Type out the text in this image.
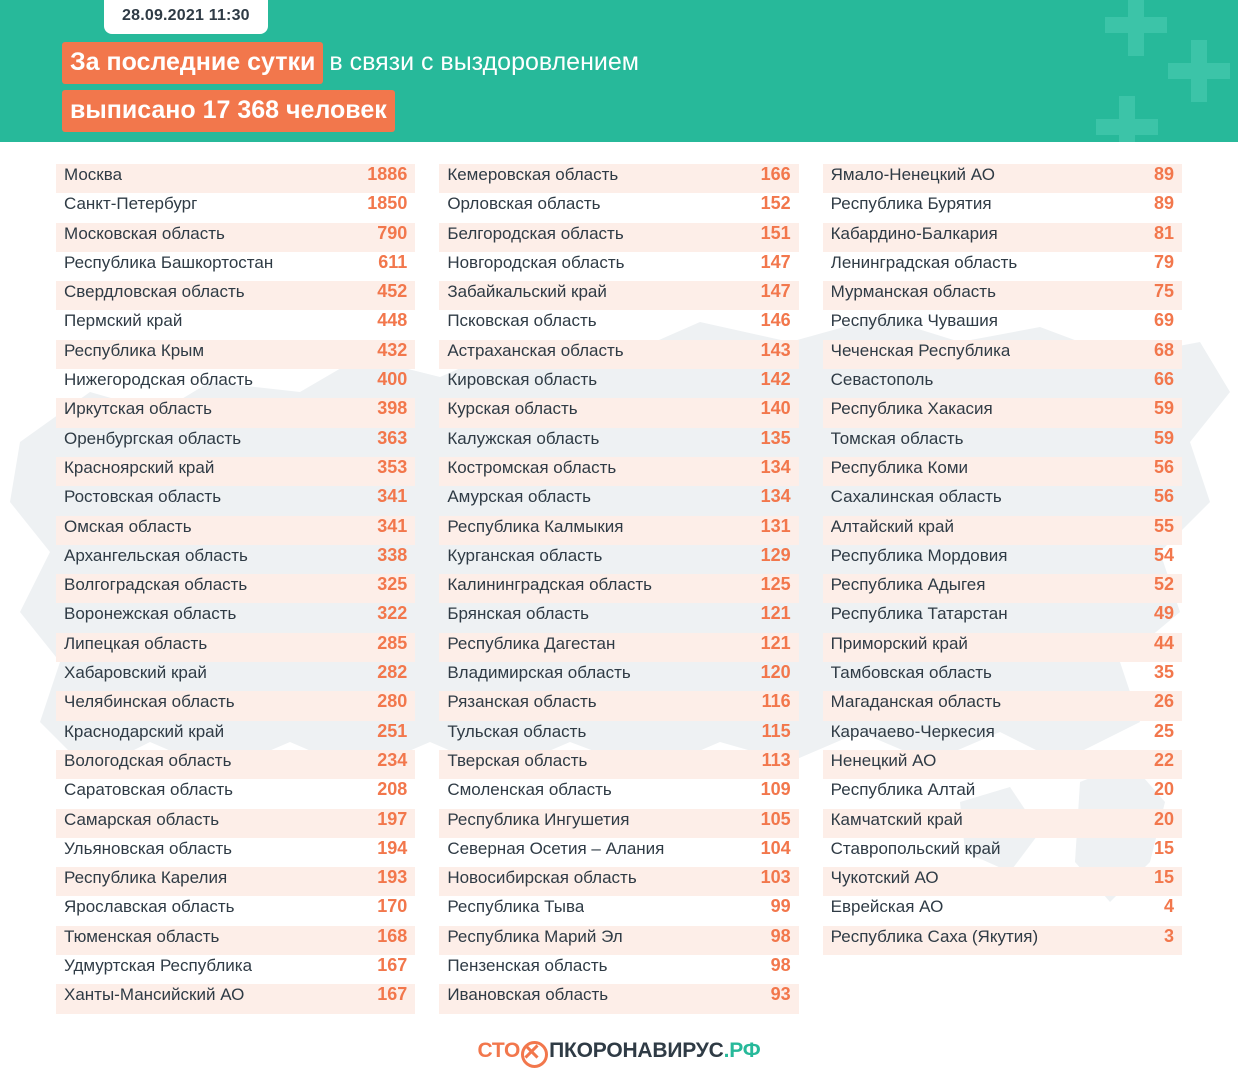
28.09.2021 11:30
За последние сутки в связи с выздоровлением
выписано 17 368 человек
Москва	1886
Санкт-Петербург	1850
Московская область	790
Республика Башкортостан	611
Свердловская область	452
Пермский край	448
Республика Крым	432
Нижегородская область	400
Иркутская область	398
Оренбургская область	363
Красноярский край	353
Ростовская область	341
Омская область	341
Архангельская область	338
Волгоградская область	325
Воронежская область	322
Липецкая область	285
Хабаровский край	282
Челябинская область	280
Краснодарский край	251
Вологодская область	234
Саратовская область	208
Самарская область	197
Ульяновская область	194
Республика Карелия	193
Ярославская область	170
Тюменская область	168
Удмуртская Республика	167
Ханты-Мансийский АО	167
Кемеровская область	166
Орловская область	152
Белгородская область	151
Новгородская область	147
Забайкальский край	147
Псковская область	146
Астраханская область	143
Кировская область	142
Курская область	140
Калужская область	135
Костромская область	134
Амурская область	134
Республика Калмыкия	131
Курганская область	129
Калининградская область	125
Брянская область	121
Республика Дагестан	121
Владимирская область	120
Рязанская область	116
Тульская область	115
Тверская область	113
Смоленская область	109
Республика Ингушетия	105
Северная Осетия – Алания	104
Новосибирская область	103
Республика Тыва	99
Республика Марий Эл	98
Пензенская область	98
Ивановская область	93
Ямало-Ненецкий АО	89
Республика Бурятия	89
Кабардино-Балкария	81
Ленинградская область	79
Мурманская область	75
Республика Чувашия	69
Чеченская Республика	68
Севастополь	66
Республика Хакасия	59
Томская область	59
Республика Коми	56
Сахалинская область	56
Алтайский край	55
Республика Мордовия	54
Республика Адыгея	52
Республика Татарстан	49
Приморский край	44
Тамбовская область	35
Магаданская область	26
Карачаево-Черкесия	25
Ненецкий АО	22
Республика Алтай	20
Камчатский край	20
Ставропольский край	15
Чукотский АО	15
Еврейская АО	4
Республика Саха (Якутия)	3
СТО ПКОРОНАВИРУС .РФ
